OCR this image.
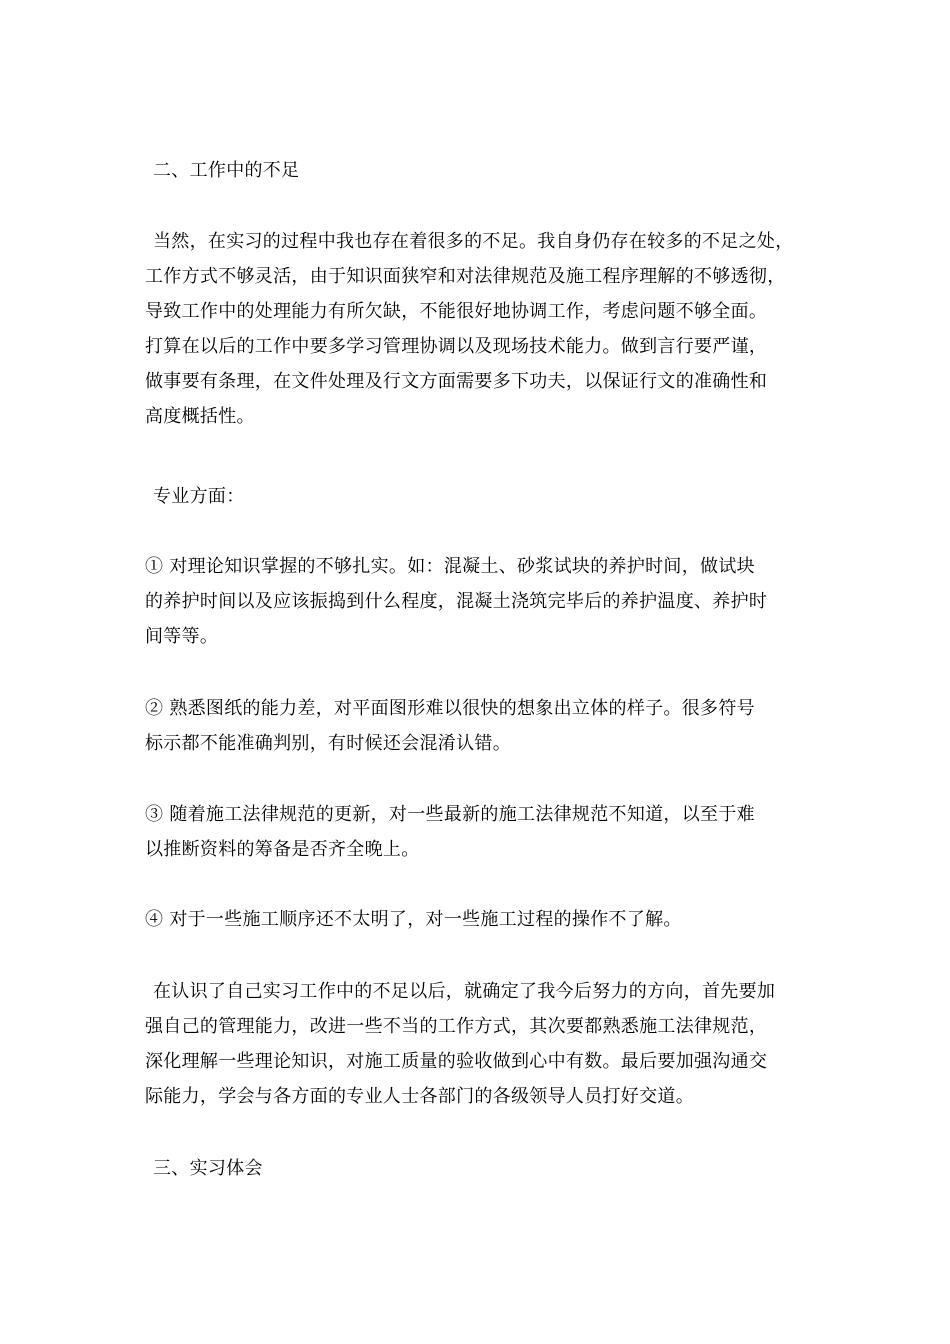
二、工作中的不足
当然，在实习的过程中我也存在着很多的不足。我自身仍存在较多的不足之处，
工作方式不够灵活，由于知识面狭窄和对法律规范及施工程序理解的不够透彻，
导致工作中的处理能力有所欠缺，不能很好地协调工作，考虑问题不够全面。
打算在以后的工作中要多学习管理协调以及现场技术能力。做到言行要严谨，
做事要有条理，在文件处理及行文方面需要多下功夫，以保证行文的准确性和
高度概括性。
专业方面：
① 对理论知识掌握的不够扎实。如：混凝土、砂浆试块的养护时间，做试块
的养护时间以及应该振捣到什么程度，混凝土浇筑完毕后的养护温度、养护时
间等等。
② 熟悉图纸的能力差，对平面图形难以很快的想象出立体的样子。很多符号
标示都不能准确判别，有时候还会混淆认错。
③ 随着施工法律规范的更新，对一些最新的施工法律规范不知道，以至于难
以推断资料的筹备是否齐全晚上。
④ 对于一些施工顺序还不太明了，对一些施工过程的操作不了解。
在认识了自己实习工作中的不足以后，就确定了我今后努力的方向，首先要加
强自己的管理能力，改进一些不当的工作方式，其次要都熟悉施工法律规范，
深化理解一些理论知识，对施工质量的验收做到心中有数。最后要加强沟通交
际能力，学会与各方面的专业人士各部门的各级领导人员打好交道。
三、实习体会
